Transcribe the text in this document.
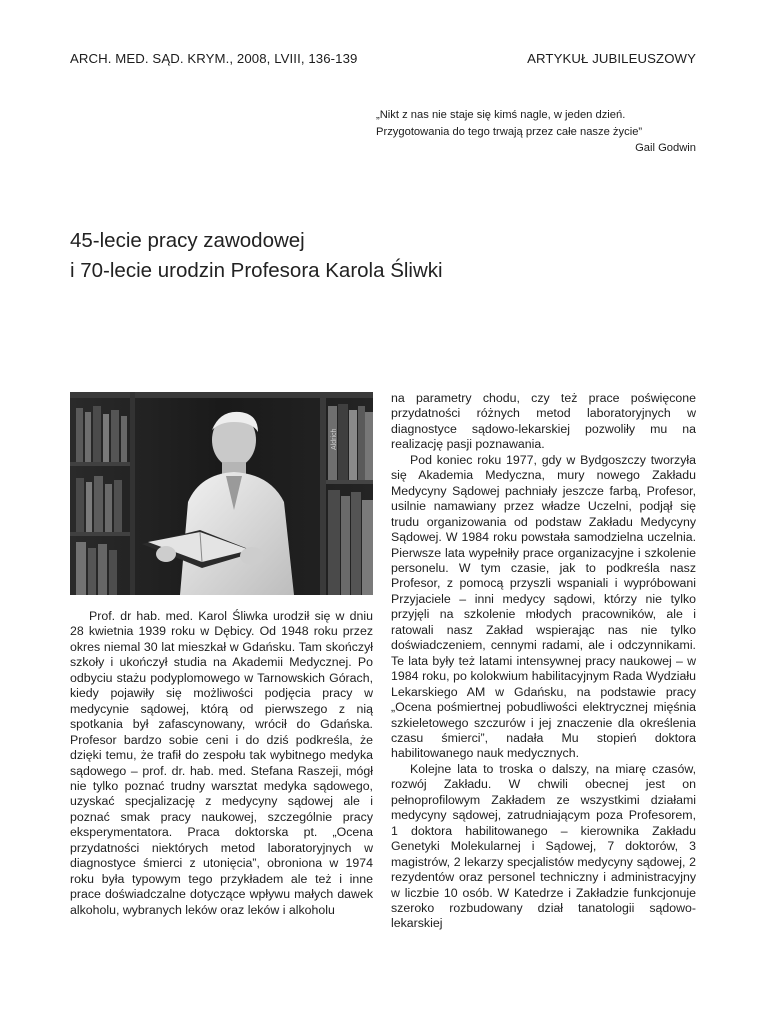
ARCH. MED. SĄD. KRYM., 2008, LVIII, 136-139	ARTYKUŁ JUBILEUSZOWY
„Nikt z nas nie staje się kimś nagle, w jeden dzień.
Przygotowania do tego trwają przez całe nasze życie”
Gail Godwin
45-lecie pracy zawodowej
i 70-lecie urodzin Profesora Karola Śliwki
Aldrich

Prof. dr hab. med. Karol Śliwka urodził się w dniu 28 kwietnia 1939 roku w Dębicy. Od 1948 roku przez okres niemal 30 lat mieszkał w Gdańsku. Tam skończył szkoły i ukończył studia na Akademii Medycznej. Po odbyciu stażu podyplomowego w Tarnowskich Górach, kiedy pojawiły się możliwości podjęcia pracy w medycynie sądowej, którą od pierwszego z nią spotkania był zafascynowany, wrócił do Gdańska. Profesor bardzo sobie ceni i do dziś podkreśla, że dzięki temu, że trafił do zespołu tak wybitnego medyka sądowego – prof. dr. hab. med. Stefana Raszeji, mógł nie tylko poznać trudny warsztat medyka sądowego, uzyskać specjalizację z medycyny sądowej ale i poznać smak pracy naukowej, szczególnie pracy eksperymentatora. Praca doktorska pt. „Ocena przydatności niektórych metod laboratoryjnych w diagnostyce śmierci z utonięcia”, obroniona w 1974 roku była typowym tego przykładem ale też i inne prace doświadczalne dotyczące wpływu małych dawek alkoholu, wybranych leków oraz leków i alkoholu

na parametry chodu, czy też prace poświęcone przydatności różnych metod laboratoryjnych w diagnostyce sądowo-lekarskiej pozwoliły mu na realizację pasji poznawania.

Pod koniec roku 1977, gdy w Bydgoszczy tworzyła się Akademia Medyczna, mury nowego Zakładu Medycyny Sądowej pachniały jeszcze farbą, Profesor, usilnie namawiany przez władze Uczelni, podjął się trudu organizowania od podstaw Zakładu Medycyny Sądowej. W 1984 roku powstała samodzielna uczelnia. Pierwsze lata wypełniły prace organizacyjne i szkolenie personelu. W tym czasie, jak to podkreśla nasz Profesor, z pomocą przyszli wspaniali i wypróbowani Przyjaciele – inni medycy sądowi, którzy nie tylko przyjęli na szkolenie młodych pracowników, ale i ratowali nasz Zakład wspierając nas nie tylko doświadczeniem, cennymi radami, ale i odczynnikami. Te lata były też latami intensywnej pracy naukowej – w 1984 roku, po kolokwium habilitacyjnym Rada Wydziału Lekarskiego AM w Gdańsku, na podstawie pracy „Ocena pośmiertnej pobudliwości elektrycznej mięśnia szkieletowego szczurów i jej znaczenie dla określenia czasu śmierci”, nadała Mu stopień doktora habilitowanego nauk medycznych.

Kolejne lata to troska o dalszy, na miarę czasów, rozwój Zakładu. W chwili obecnej jest on pełnoprofilowym Zakładem ze wszystkimi działami medycyny sądowej, zatrudniającym poza Profesorem, 1 doktora habilitowanego – kierownika Zakładu Genetyki Molekularnej i Sądowej, 7 doktorów, 3 magistrów, 2 lekarzy specjalistów medycyny sądowej, 2 rezydentów oraz personel techniczny i administracyjny w liczbie 10 osób. W Katedrze i Zakładzie funkcjonuje szeroko rozbudowany dział tanatologii sądowo-lekarskiej
